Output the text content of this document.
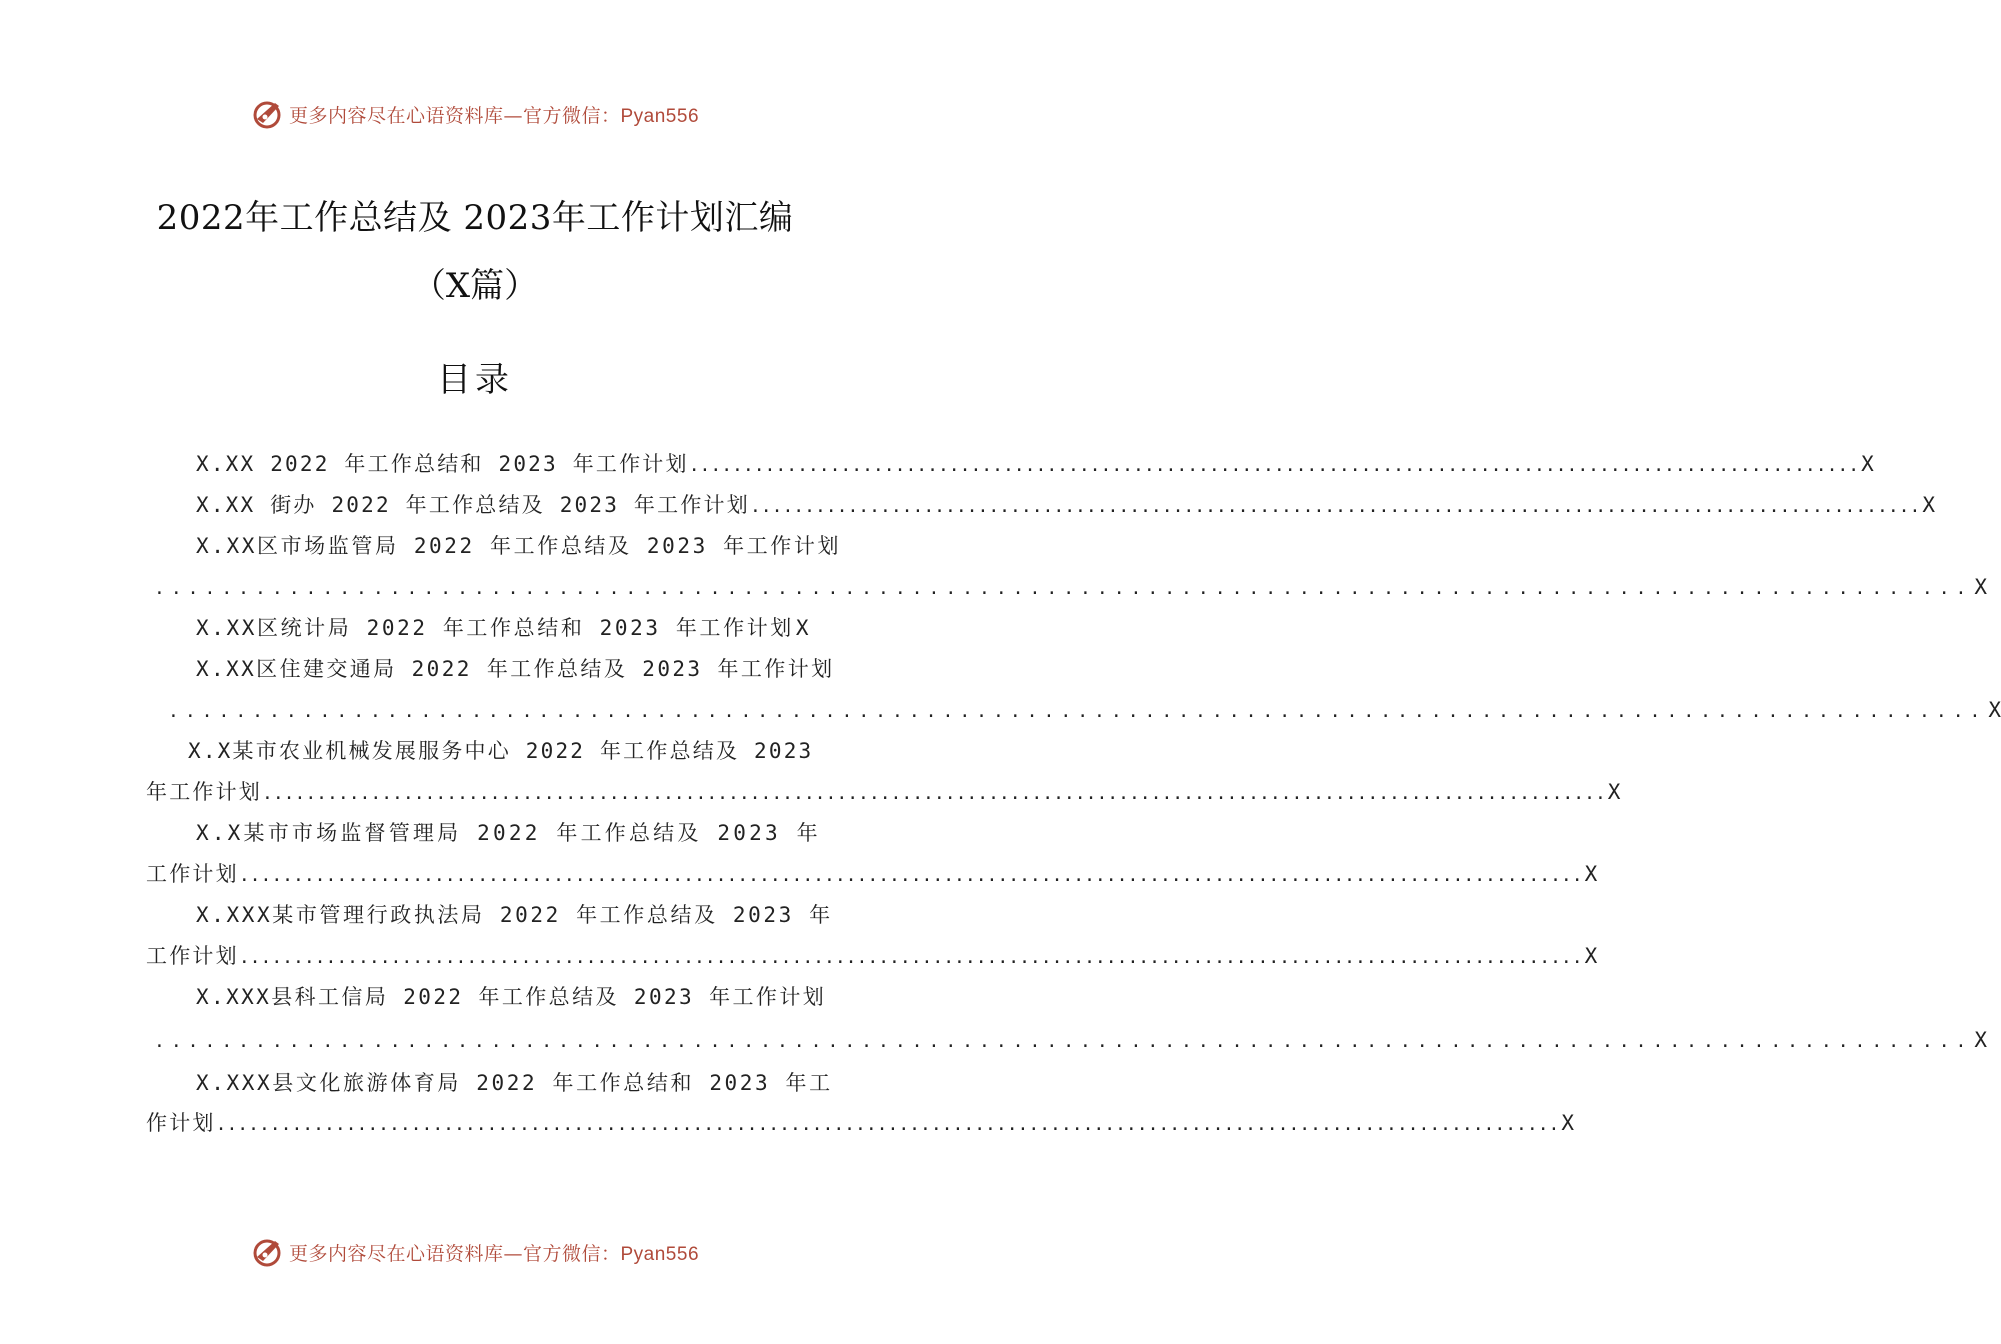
更多内容尽在心语资料库—官方微信：Pyan556
2022年工作总结及 2023年工作计划汇编
（X篇）
目录
X.XX 2022 年工作总结和 2023 年工作计划 ............................................................................................................ X
X.XX 街办 2022 年工作总结及 2023 年工作计划 ............................................................................................................ X
X.XX区市场监管局 2022 年工作总结及 2023 年工作计划
............................................................................................................ X
X.XX区统计局 2022 年工作总结和 2023 年工作计划 X
X.XX区住建交通局 2022 年工作总结及 2023 年工作计划
............................................................................................................ X
X.X某市农业机械发展服务中心 2022 年工作总结及 2023
年工作计划 ............................................................................................................................ X
X.X某市市场监督管理局 2022 年工作总结及 2023 年
工作计划 ............................................................................................................................ X
X.XXX某市管理行政执法局 2022 年工作总结及 2023 年
工作计划 ............................................................................................................................ X
X.XXX县科工信局 2022 年工作总结及 2023 年工作计划
............................................................................................................ X
X.XXX县文化旅游体育局 2022 年工作总结和 2023 年工
作计划 ............................................................................................................................ X
更多内容尽在心语资料库—官方微信：Pyan556
